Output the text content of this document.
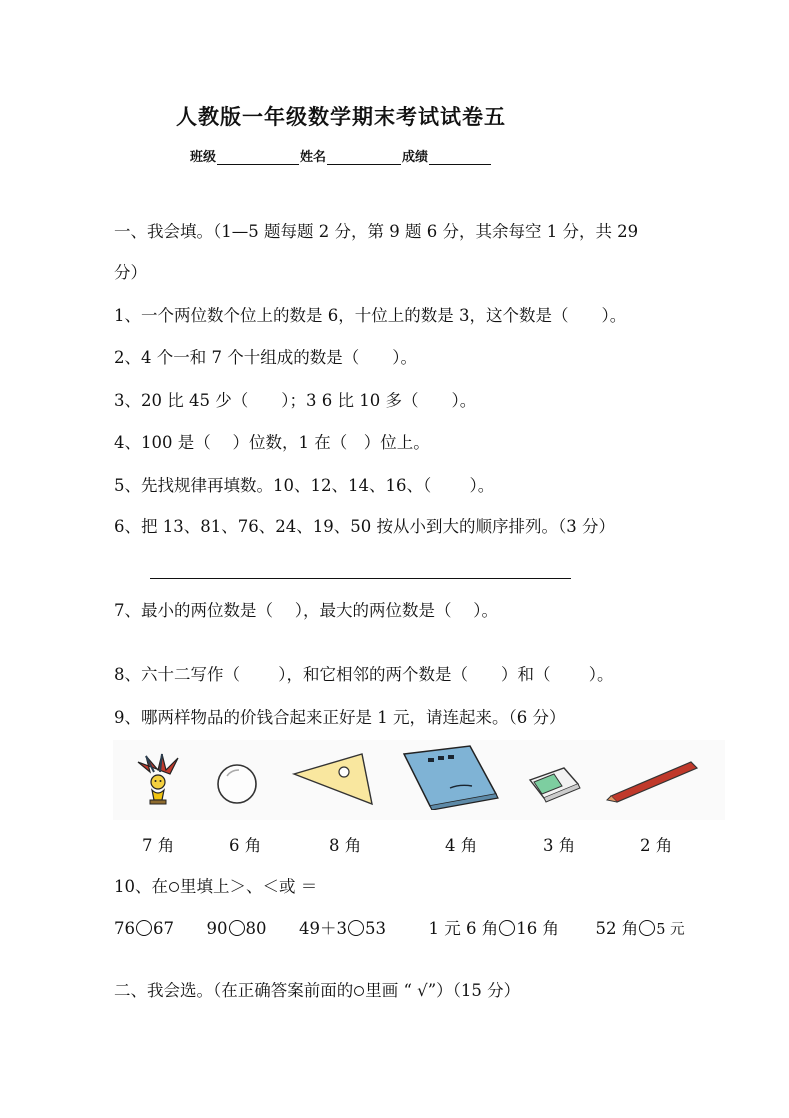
人教版一年级数学期末考试试卷五
班级	姓名	成绩
一、我会填。（1—5 题每题 2 分，第 9 题 6 分，其余每空 1 分，共 29
分）
1、一个两位数个位上的数是 6，十位上的数是 3，这个数是（　　）。
2、4 个一和 7 个十组成的数是（　　）。
3、20 比 45 少（　　）；3 6 比 10 多（　　）。
4、100 是（　 ）位数，1 在（　）位上。
5、先找规律再填数。10、12、14、16、（　　 ）。
6、把 13、81、76、24、19、50 按从小到大的顺序排列。（3 分）
7、最小的两位数是（　 ），最大的两位数是（　 ）。
8、六十二写作（　　 ），和它相邻的两个数是（　　）和（　　 ）。
9、哪两样物品的价钱合起来正好是 1 元，请连起来。（6 分）
7 角	6 角	8 角	4 角	3 角	2 角
10、在 里填上＞、＜或 ＝
76 67 90 80 49＋3 53	1 元 6 角 16 角 52 角 5 元
二、我会选。（在正确答案前面的 里画 “ √”）（15 分）
